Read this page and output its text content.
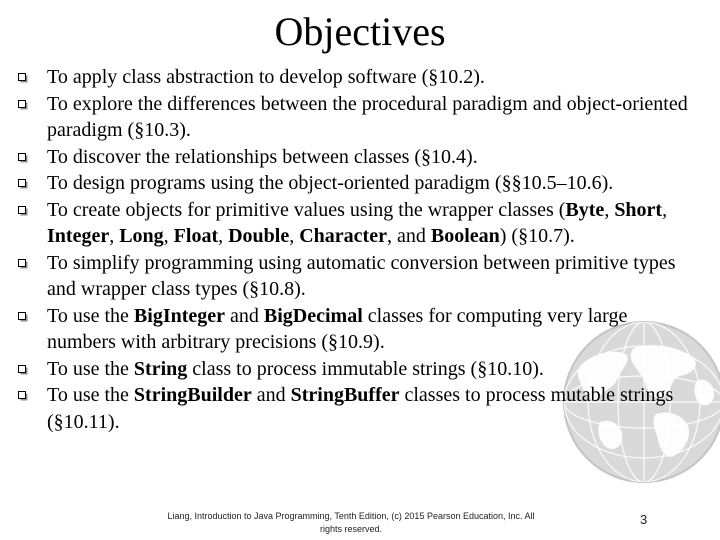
Objectives
To apply class abstraction to develop software (§10.2).
To explore the differences between the procedural paradigm and object-oriented paradigm (§10.3).
To discover the relationships between classes (§10.4).
To design programs using the object-oriented paradigm (§§10.5–10.6).
To create objects for primitive values using the wrapper classes (Byte, Short, Integer, Long, Float, Double, Character, and Boolean) (§10.7).
To simplify programming using automatic conversion between primitive types and wrapper class types (§10.8).
To use the BigInteger and BigDecimal classes for computing very large numbers with arbitrary precisions (§10.9).
To use the String class to process immutable strings (§10.10).
To use the StringBuilder and StringBuffer classes to process mutable strings (§10.11).
Liang, Introduction to Java Programming, Tenth Edition, (c) 2015 Pearson Education, Inc. All
rights reserved.
3
